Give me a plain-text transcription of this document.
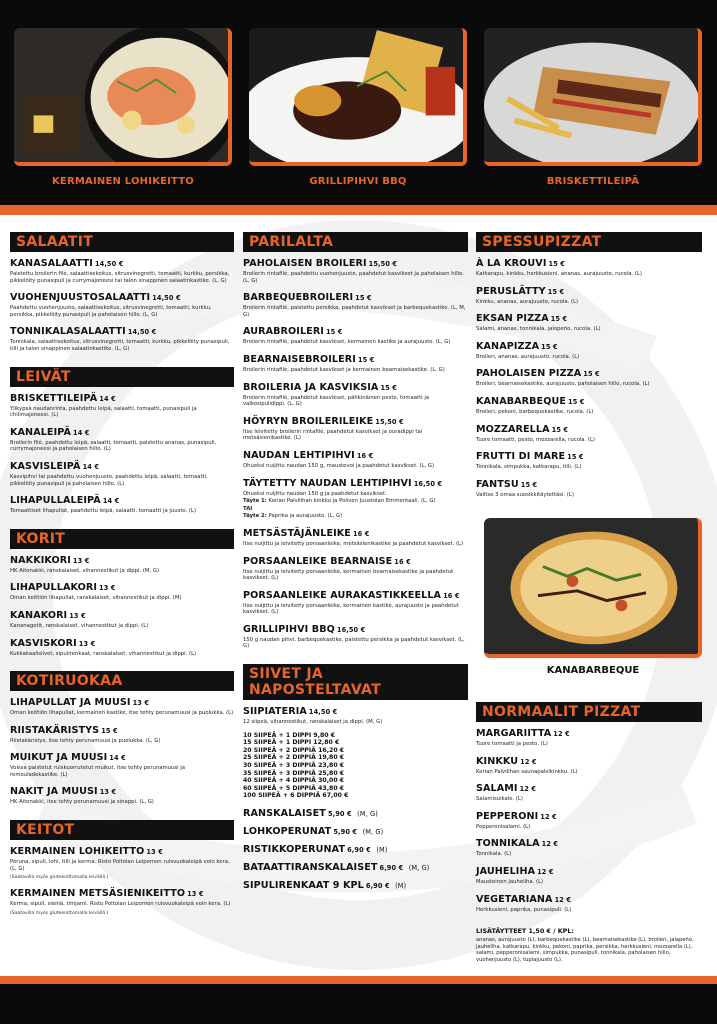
KERMAINEN LOHIKEITTO	GRILLIPIHVI BBQ	BRISKETTILEIPÄ
SALAATIT
KANASALAATTI 14,50 €
Paistettu broilerin filé, salaattisekoitus, sitrusvinegretti, tomaatti, kurkku, persikka, pikkelöity punasipuli ja currymajoneesi tai talon sinappinen salaatinkastike. (L, G)
VUOHENJUUSTOSALAATTI 14,50 €
Paahdettu vuohenjuusto, salaattisekoitus, sitrusvinegretti, tomaatti, kurkku, persikka, pikkelöity punasipuli ja paholaisen hillo. (L, G)
TONNIKALASALAATTI 14,50 €
Tonnikala, salaattisekoitus, sitrusvinegretti, tomaatti, kurkku, pikkelöity punasipuli, tilli ja talon sinappinen salaatinkastike. (L, G)
LEIVÄT
BRISKETTILEIPÄ 14 €
Ylikypsä naudanrinta, paahdettu leipä, salaatti, tomaatti, punasipuli ja chilimajoneesi. (L)
KANALEIPÄ 14 €
Broilerin filé, paahdettu leipä, salaatti, tomaatti, paistettu ananas, punasipuli, currymajoneesi ja paholaisen hillo. (L)
KASVISLEIPÄ 14 €
Kasvipihvi tai paahdettu vuohenjuusto, paahdettu leipä, salaatti, tomaatti, pikkelöity punasipuli ja paholaisen hillo. (L)
LIHAPULLALEIPÄ 14 €
Tomaattiset lihapullat, paahdettu leipä, salaatti, tomaatti ja juusto. (L)
KORIT
NAKKIKORI 13 €
HK Aitonakki, ranskalaiset, vihannestikut ja dippi. (M, G)
LIHAPULLAKORI 13 €
Oman keittiön lihapullat, ranskalaiset, vihannestikut ja dippi. (M)
KANAKORI 13 €
Kananagetit, ranskalaiset, vihannestikut ja dippi. (L)
KASVISKORI 13 €
Kukkakaalisiivet, sipulirenkaat, ranskalaiset, vihannestikut ja dippi. (L)
KOTIRUOKAA
LIHAPULLAT JA MUUSI 13 €
Oman keittiön lihapullat, kermainen kastike, itse tehty perunamuusi ja puolukka. (L)
RIISTAKÄRISTYS 15 €
Riistakäristys, itse tehty perunamuusi ja puolukka. (L, G)
MUIKUT JA MUUSI 14 €
Voissa paistetut ruiskuorrutetut muikut, itse tehty perunamuusi ja remouladekastike. (L)
NAKIT JA MUUSI 13 €
HK Aitonakki, itse tehty perunamuusi ja sinappi. (L, G)
KEITOT
KERMAINEN LOHIKEITTO 13 €
Peruna, sipuli, lohi, tilli ja kerma. Risto Poltolan Leipomon ruisvuokaleipä voin kera. (L, G)
(Saatavilla myös gluteenittomalla leivällä.)
KERMAINEN METSÄSIENIKEITTO 13 €
Kerma, sipuli, sieniä, timjami. Risto Poltolan Leipomon ruisvuokaleipä voin kera. (L)
(Saatavilla myös gluteenittomalla leivällä.)
PARILALTA
PAHOLAISEN BROILERI 15,50 €
Broilerin rintafilé, paahdettu vuohenjuusto, paahdetut kasvikset ja paholaisen hillo. (L, G)
BARBEQUEBROILERI 15 €
Broilerin rintafilé, paistettu persikka, paahdetut kasvikset ja barbequekastike. (L, M, G)
AURABROILERI 15 €
Broilerin rintafilé, paahdetut kasvikset, kermainen kastike ja aurajuusto. (L, G)
BEARNAISEBROILERI 15 €
Broilerin rintafilé, paahdetut kasvikset ja kermainen bearnaisekastike. (L, G)
BROILERIA JA KASVIKSIA 15 €
Broilerin rintafilé, paahdetut kasvikset, pähkinäinen pesto, tomaatti ja valkosipulidippi. (L, G)
HÖYRYN BROILERILEIKE 15,50 €
Itse leivitetty broilerin rintafilé, paahdetut kasvikset ja ouradippi tai metsäsienikastike. (L)
NAUDAN LEHTIPIHVI 16 €
Ohueksi nuijittu naudan 150 g, maustevoi ja paahdetut kasvikset. (L, G)
TÄYTETTY NAUDAN LEHTIPIHVI 16,50 €
Ohueksi nuijittu naudan 150 g ja paahdetut kasvikset.
Täyte 1: Korian Palvilihan kinkku ja Poliven Juustolan Emmentaali. (L, G)
TAI
Täyte 2: Paprika ja aurajuusto. (L, G)
METSÄSTÄJÄNLEIKE 16 €
Itse nuijittu ja leivitetty porsaanleike, metsäsienikastike ja paahdetut kasvikset. (L)
PORSAANLEIKE BEARNAISE 16 €
Itse nuijittu ja leivitetty porsaanleike, kermainen bearnaisekastike ja paahdetut kasvikset. (L)
PORSAANLEIKE AURAKASTIKKEELLA 16 €
Itse nuijittu ja leivitetty porsaanleike, kermainen kastike, aurajuusto ja paahdetut kasvikset. (L)
GRILLIPIHVI BBQ 16,50 €
150 g naudan pihvi, barbequekastike, paistettu persikka ja paahdetut kasvikset. (L, G)
SIIVET JA
NAPOSTELTAVAT
SIIPIATERIA 14,50 €
12 siipeä, vihannestikut, ranskalaiset ja dippi. (M, G)
10 SIIPEÄ + 1 DIPPI 9,80 €
15 SIIPEÄ + 1 DIPPI 12,80 €
20 SIIPEÄ + 2 DIPPIÄ 16,20 €
25 SIIPEÄ + 2 DIPPIÄ 19,80 €
30 SIIPEÄ + 3 DIPPIÄ 23,80 €
35 SIIPEÄ + 3 DIPPIÄ 25,80 €
40 SIIPEÄ + 4 DIPPIÄ 30,00 €
60 SIIPEÄ + 5 DIPPIÄ 43,80 €
100 SIIPEÄ + 6 DIPPIÄ 67,00 €
RANSKALAISET 5,90 € (M, G)
LOHKOPERUNAT 5,90 € (M, G)
RISTIKKOPERUNAT 6,90 € (M)
BATAATTIRANSKALAISET 6,90 € (M, G)
SIPULIRENKAAT 9 KPL 6,90 € (M)
SPESSUPIZZAT
À LA KROUVI 15 €
Katkarapu, kinkku, herkkusieni, ananas, aurajuusto, rucola. (L)
PERUSLÄTTY 15 €
Kinkku, ananas, aurajuusto, rucola. (L)
EKSAN PIZZA 15 €
Salami, ananas, tonnikala, jalopeño, rucola. (L)
KANAPIZZA 15 €
Broileri, ananas, aurajuusto, rucola. (L)
PAHOLAISEN PIZZA 15 €
Broileri, bearnaisekastike, aurajuusto, paholaisen hillo, rucola. (L)
KANABARBEQUE 15 €
Broileri, pekoni, barbequekastike, rucola. (L)
MOZZARELLA 15 €
Tuore tomaatti, pesto, mozzarella, rucola. (L)
FRUTTI DI MARE 15 €
Tonnikala, simpukka, katkarapu, tilli. (L)
FANTSU 15 €
Valitse 3 omaa suosikkitäytettäsi. (L)
KANABARBEQUE
NORMAALIT PIZZAT
MARGARIITTA 12 €
Tuore tomaatti ja pesto. (L)
KINKKU 12 €
Korian Palvilihan saunapalvikinkku. (L)
SALAMI 12 €
Salamisuikale. (L)
PEPPERONI 12 €
Pepperonisalami. (L)
TONNIKALA 12 €
Tonnikala. (L)
JAUHELIHA 12 €
Mausteinen jauheliha. (L)
VEGETARIANA 12 €
Herkkusieni, paprika, punasipuli. (L)
LISÄTÄYTTEET 1,50 € / KPL:
ananas, aurajuusto (L), barbequekastike (L), bearnaisekastike (L), broileri, jalapeño, jauheliha, katkarapu, kinkku, pekoni, paprika, persikka, herkkusieni, mozzarella (L), salami, pepperonisalami, simpukka, punasipuli, tonnikala, paholaisen hillo, vuohenjuusto (L), tuplajuusto (L).
